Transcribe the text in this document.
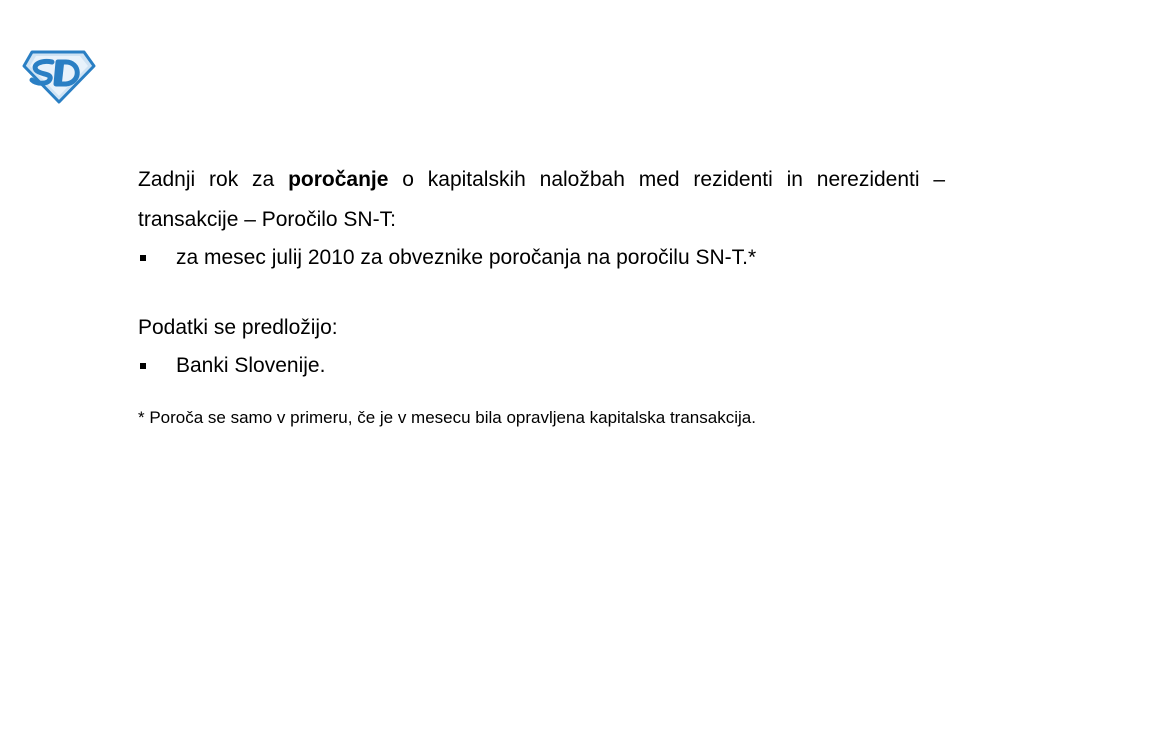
Zadnji rok za poročanje o kapitalskih naložbah med rezidenti in nerezidenti –

transakcije – Poročilo SN-T:

za mesec julij 2010 za obveznike poročanja na poročilu SN-T.*

Podatki se predložijo:

Banki Slovenije.

* Poroča se samo v primeru, če je v mesecu bila opravljena kapitalska transakcija.
